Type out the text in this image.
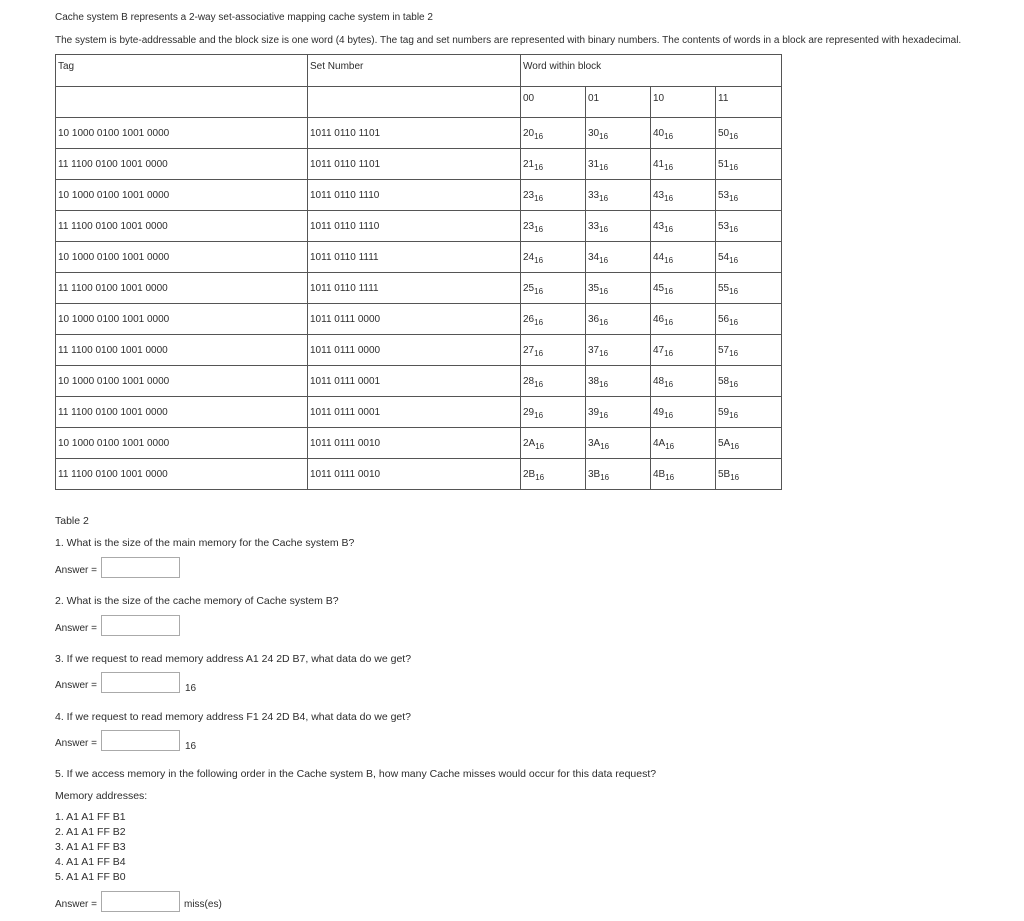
Cache system B represents a 2-way set-associative mapping cache system in table 2
The system is byte-addressable and the block size is one word (4 bytes). The tag and set numbers are represented with binary numbers. The contents of words in a block are represented with hexadecimal.
Tag	Set Number	Word within block			
		00	01	10	11
10 1000 0100 1001 0000	1011 0110 1101	$20_{16}$	$30_{16}$	$40_{16}$	$50_{16}$
11 1100 0100 1001 0000	1011 0110 1101	$21_{16}$	$31_{16}$	$41_{16}$	$51_{16}$
10 1000 0100 1001 0000	1011 0110 1110	$23_{16}$	$33_{16}$	$43_{16}$	$53_{16}$
11 1100 0100 1001 0000	1011 0110 1110	$23_{16}$	$33_{16}$	$43_{16}$	$53_{16}$
10 1000 0100 1001 0000	1011 0110 1111	$24_{16}$	$34_{16}$	$44_{16}$	$54_{16}$
11 1100 0100 1001 0000	1011 0110 1111	$25_{16}$	$35_{16}$	$45_{16}$	$55_{16}$
10 1000 0100 1001 0000	1011 0111 0000	$26_{16}$	$36_{16}$	$46_{16}$	$56_{16}$
11 1100 0100 1001 0000	1011 0111 0000	$27_{16}$	$37_{16}$	$47_{16}$	$57_{16}$
10 1000 0100 1001 0000	1011 0111 0001	$28_{16}$	$38_{16}$	$48_{16}$	$58_{16}$
11 1100 0100 1001 0000	1011 0111 0001	$29_{16}$	$39_{16}$	$49_{16}$	$59_{16}$
10 1000 0100 1001 0000	1011 0111 0010	$2A_{16}$	$3A_{16}$	$4A_{16}$	$5A_{16}$
11 1100 0100 1001 0000	1011 0111 0010	$2B_{16}$	$3B_{16}$	$4B_{16}$	$5B_{16}$
Table 2
1. What is the size of the main memory for the Cache system B?
Answer =
2. What is the size of the cache memory of Cache system B?
Answer =
3. If we request to read memory address A1 24 2D B7, what data do we get?
Answer =	16
4. If we request to read memory address F1 24 2D B4, what data do we get?
Answer =	16
5. If we access memory in the following order in the Cache system B, how many Cache misses would occur for this data request?
Memory addresses:
1. A1 A1 FF B1
2. A1 A1 FF B2
3. A1 A1 FF B3
4. A1 A1 FF B4
5. A1 A1 FF B0
Answer =	miss(es)
